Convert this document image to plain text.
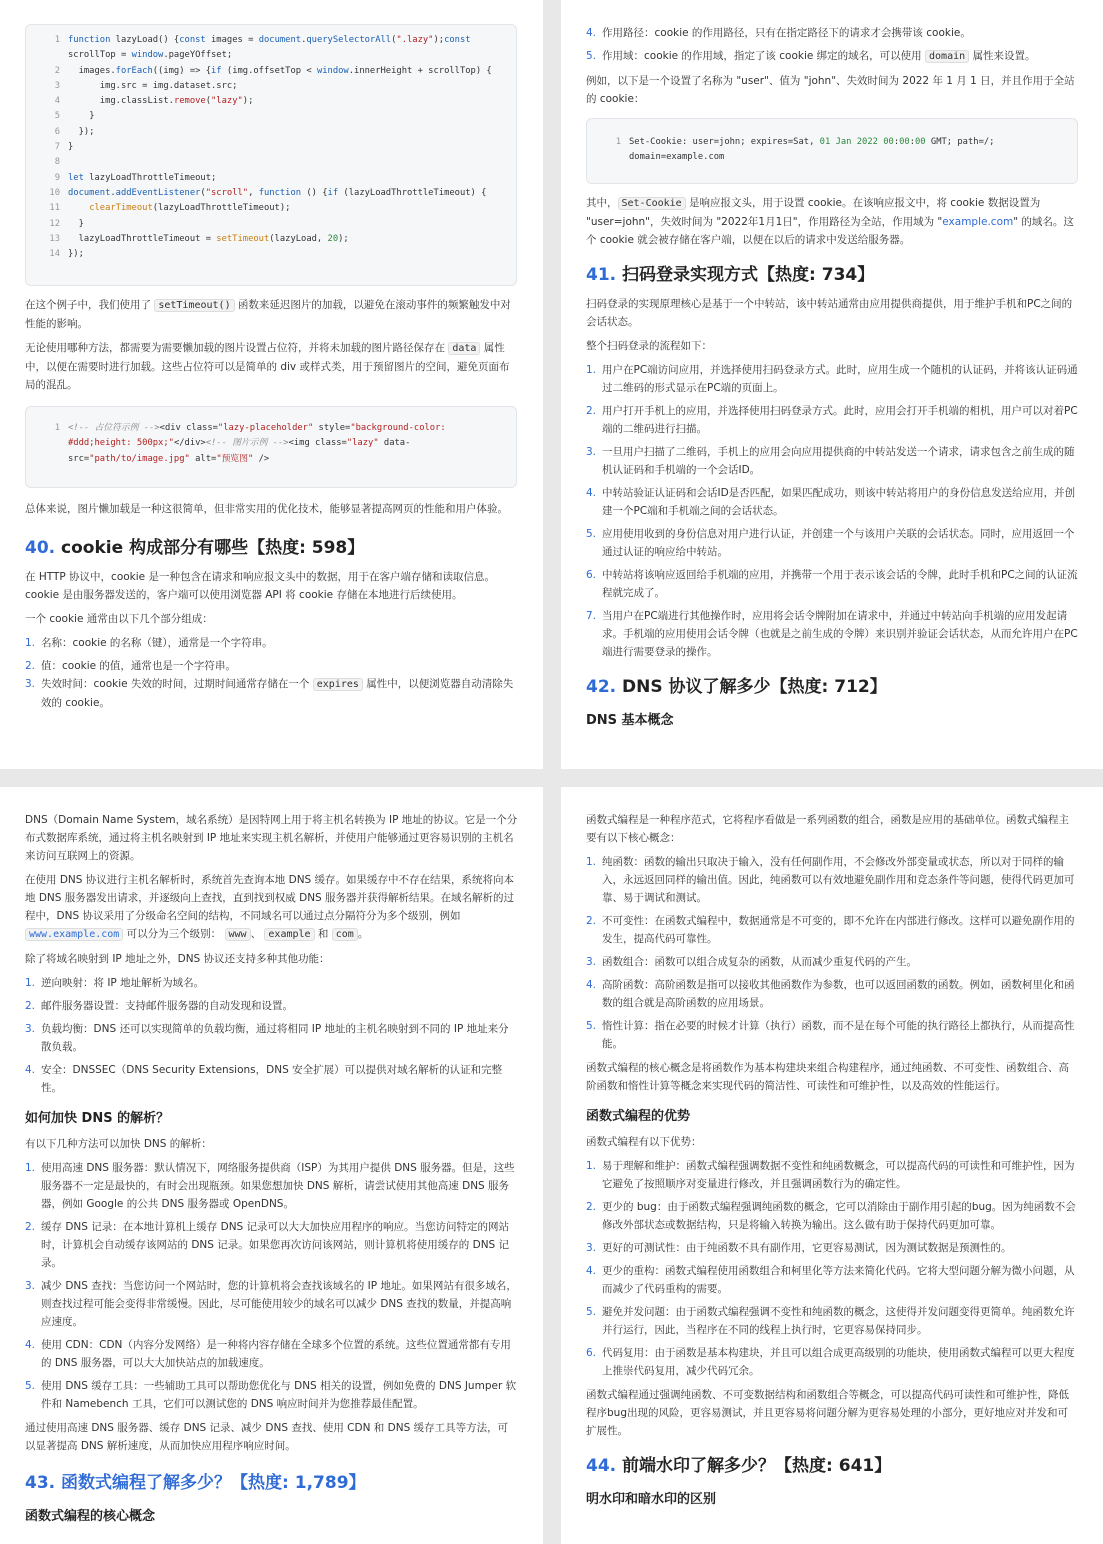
1 function lazyLoad() {const images = document.querySelectorAll(".lazy");const scrollTop = window.pageYOffset;
2 images.forEach((img) => {if (img.offsetTop < window.innerHeight + scrollTop) {
3 img.src = img.dataset.src;
4 img.classList.remove("lazy");
5 }
6 });
7 }
8

9 let lazyLoadThrottleTimeout;
10 document.addEventListener("scroll", function () {if (lazyLoadThrottleTimeout) {
11	clearTimeout(lazyLoadThrottleTimeout);
12 }
13 lazyLoadThrottleTimeout = setTimeout(lazyLoad, 20);
14 });

在这个例子中，我们使用了 setTimeout() 函数来延迟图片的加载，以避免在滚动事件的频繁触发中对性能的影响。

无论使用哪种方法，都需要为需要懒加载的图片设置占位符，并将未加载的图片路径保存在 data 属性中，以便在需要时进行加载。这些占位符可以是简单的 div 或样式类，用于预留图片的空间，避免页面布局的混乱。

1 <!-- 占位符示例 --><div class="lazy-placeholder" style="background-color: #ddd;height: 500px;"</div><!-- 图片示例 --><img class="lazy" data-src="path/to/image.jpg" alt="预览图" />

总体来说，图片懒加载是一种这很简单，但非常实用的优化技术，能够显著提高网页的性能和用户体验。

40. cookie 构成部分有哪些【热度: 598】

在 HTTP 协议中，cookie 是一种包含在请求和响应报文头中的数据，用于在客户端存储和读取信息。cookie 是由服务器发送的，客户端可以使用浏览器 API 将 cookie 存储在本地进行后续使用。

一个 cookie 通常由以下几个部分组成：

1. 名称：cookie 的名称（键），通常是一个字符串。
2. 值：cookie 的值，通常也是一个字符串。
3. 失效时间：cookie 失效的时间，过期时间通常存储在一个 expires 属性中，以便浏览器自动清除失效的 cookie。
4. 作用路径：cookie 的作用路径，只有在指定路径下的请求才会携带该 cookie。
5. 作用域：cookie 的作用域，指定了该 cookie 绑定的域名，可以使用 domain 属性来设置。

例如，以下是一个设置了名称为 "user"、值为 "john"、失效时间为 2022 年 1 月 1 日，并且作用于全站的 cookie：

1 Set-Cookie: user=john; expires=Sat, 01 Jan 2022 00:00:00 GMT; path=/; domain=example.com

其中， Set-Cookie 是响应报文头，用于设置 cookie。在该响应报文中，将 cookie 数据设置为 "user=john"，失效时间为 "2022年1月1日"，作用路径为全站，作用域为 "example.com" 的域名。这个 cookie 就会被存储在客户端，以便在以后的请求中发送给服务器。

41. 扫码登录实现方式【热度: 734】

扫码登录的实现原理核心是基于一个中转站，该中转站通常由应用提供商提供，用于维护手机和PC之间的会话状态。

整个扫码登录的流程如下：

1. 用户在PC端访问应用，并选择使用扫码登录方式。此时，应用生成一个随机的认证码，并将该认证码通过二维码的形式显示在PC端的页面上。
2. 用户打开手机上的应用，并选择使用扫码登录方式。此时，应用会打开手机端的相机，用户可以对着PC端的二维码进行扫描。
3. 一旦用户扫描了二维码，手机上的应用会向应用提供商的中转站发送一个请求，请求包含之前生成的随机认证码和手机端的一个会话ID。
4. 中转站验证认证码和会话ID是否匹配，如果匹配成功，则该中转站将用户的身份信息发送给应用，并创建一个PC端和手机端之间的会话状态。
5. 应用使用收到的身份信息对用户进行认证，并创建一个与该用户关联的会话状态。同时，应用返回一个通过认证的响应给中转站。
6. 中转站将该响应返回给手机端的应用，并携带一个用于表示该会话的令牌，此时手机和PC之间的认证流程就完成了。
7. 当用户在PC端进行其他操作时，应用将会话令牌附加在请求中，并通过中转站向手机端的应用发起请求。手机端的应用使用会话令牌（也就是之前生成的令牌）来识别并验证会话状态，从而允许用户在PC端进行需要登录的操作。
42. DNS 协议了解多少【热度: 712】
DNS 基本概念

DNS（Domain Name System，域名系统）是因特网上用于将主机名转换为 IP 地址的协议。它是一个分布式数据库系统，通过将主机名映射到 IP 地址来实现主机名解析，并使用户能够通过更容易识别的主机名来访问互联网上的资源。

在使用 DNS 协议进行主机名解析时，系统首先查询本地 DNS 缓存。如果缓存中不存在结果，系统将向本地 DNS 服务器发出请求，并逐级向上查找，直到找到权威 DNS 服务器并获得解析结果。在域名解析的过程中，DNS 协议采用了分级命名空间的结构，不同域名可以通过点分隔符分为多个级别，例如 www.example.com 可以分为三个级别： www 、 example 和 com 。

除了将域名映射到 IP 地址之外，DNS 协议还支持多种其他功能：

1. 逆向映射：将 IP 地址解析为域名。
2. 邮件服务器设置：支持邮件服务器的自动发现和设置。
3. 负载均衡：DNS 还可以实现简单的负载均衡，通过将相同 IP 地址的主机名映射到不同的 IP 地址来分散负载。
4. 安全：DNSSEC（DNS Security Extensions，DNS 安全扩展）可以提供对域名解析的认证和完整性。
如何加快 DNS 的解析？

有以下几种方法可以加快 DNS 的解析：

1. 使用高速 DNS 服务器：默认情况下，网络服务提供商（ISP）为其用户提供 DNS 服务器。但是，这些服务器不一定是最快的，有时会出现瓶颈。如果您想加快 DNS 解析，请尝试使用其他高速 DNS 服务器，例如 Google 的公共 DNS 服务器或 OpenDNS。
2. 缓存 DNS 记录：在本地计算机上缓存 DNS 记录可以大大加快应用程序的响应。当您访问特定的网站时，计算机会自动缓存该网站的 DNS 记录。如果您再次访问该网站，则计算机将使用缓存的 DNS 记录。
3. 减少 DNS 查找：当您访问一个网站时，您的计算机将会查找该域名的 IP 地址。如果网站有很多域名，则查找过程可能会变得非常缓慢。因此，尽可能使用较少的域名可以减少 DNS 查找的数量，并提高响应速度。
4. 使用 CDN：CDN（内容分发网络）是一种将内容存储在全球多个位置的系统。这些位置通常都有专用的 DNS 服务器，可以大大加快站点的加载速度。
5. 使用 DNS 缓存工具：一些辅助工具可以帮助您优化与 DNS 相关的设置，例如免费的 DNS Jumper 软件和 Namebench 工具，它们可以测试您的 DNS 响应时间并为您推荐最佳配置。

通过使用高速 DNS 服务器、缓存 DNS 记录、减少 DNS 查找、使用 CDN 和 DNS 缓存工具等方法，可以显著提高 DNS 解析速度，从而加快应用程序响应时间。

43. 函数式编程了解多少？【热度: 1,789】
函数式编程的核心概念

函数式编程是一种程序范式，它将程序看做是一系列函数的组合，函数是应用的基础单位。函数式编程主要有以下核心概念：

1. 纯函数：函数的输出只取决于输入，没有任何副作用，不会修改外部变量或状态，所以对于同样的输入，永远返回同样的输出值。因此，纯函数可以有效地避免副作用和竞态条件等问题，使得代码更加可靠、易于调试和测试。
2. 不可变性：在函数式编程中，数据通常是不可变的，即不允许在内部进行修改。这样可以避免副作用的发生，提高代码可靠性。
3. 函数组合：函数可以组合成复杂的函数，从而减少重复代码的产生。
4. 高阶函数：高阶函数是指可以接收其他函数作为参数，也可以返回函数的函数。例如，函数柯里化和函数的组合就是高阶函数的应用场景。
5. 惰性计算：指在必要的时候才计算（执行）函数，而不是在每个可能的执行路径上都执行，从而提高性能。

函数式编程的核心概念是将函数作为基本构建块来组合构建程序，通过纯函数、不可变性、函数组合、高阶函数和惰性计算等概念来实现代码的简洁性、可读性和可维护性，以及高效的性能运行。

函数式编程的优势

函数式编程有以下优势：

1. 易于理解和维护：函数式编程强调数据不变性和纯函数概念，可以提高代码的可读性和可维护性，因为它避免了按照顺序对变量进行修改，并且强调函数行为的确定性。
2. 更少的 bug：由于函数式编程强调纯函数的概念，它可以消除由于副作用引起的bug。因为纯函数不会修改外部状态或数据结构，只是将输入转换为输出。这么做有助于保持代码更加可靠。
3. 更好的可测试性：由于纯函数不具有副作用，它更容易测试，因为测试数据是预测性的。
4. 更少的重构：函数式编程使用函数组合和柯里化等方法来简化代码。它将大型问题分解为微小问题，从而减少了代码重构的需要。
5. 避免并发问题：由于函数式编程强调不变性和纯函数的概念，这使得并发问题变得更简单。纯函数允许并行运行，因此，当程序在不同的线程上执行时，它更容易保持同步。
6. 代码复用：由于函数是基本构建块，并且可以组合成更高级别的功能块，使用函数式编程可以更大程度上推崇代码复用，减少代码冗余。

函数式编程通过强调纯函数、不可变数据结构和函数组合等概念，可以提高代码可读性和可维护性，降低程序bug出现的风险，更容易测试，并且更容易将问题分解为更容易处理的小部分，更好地应对并发和可扩展性。

44. 前端水印了解多少？【热度: 641】
明水印和暗水印的区别
